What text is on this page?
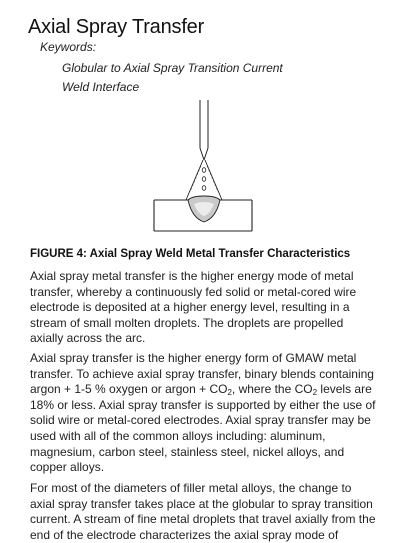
Axial Spray Transfer
Keywords:
Globular to Axial Spray Transition Current
Weld Interface
FIGURE 4: Axial Spray Weld Metal Transfer Characteristics

Axial spray metal transfer is the higher energy mode of metal transfer, whereby a continuously fed solid or metal-cored wire electrode is deposited at a higher energy level, resulting in a stream of small molten droplets. The droplets are propelled axially across the arc.

Axial spray transfer is the higher energy form of GMAW metal transfer. To achieve axial spray transfer, binary blends containing argon + 1-5 % oxygen or argon + $CO_2$, where the $CO_2$ levels are 18% or less. Axial spray transfer is supported by either the use of solid wire or metal-cored electrodes. Axial spray transfer may be used with all of the common alloys including: aluminum, magnesium, carbon steel, stainless steel, nickel alloys, and copper alloys.

For most of the diameters of filler metal alloys, the change to axial spray transfer takes place at the globular to spray transition current. A stream of fine metal droplets that travel axially from the end of the electrode characterizes the axial spray mode of
